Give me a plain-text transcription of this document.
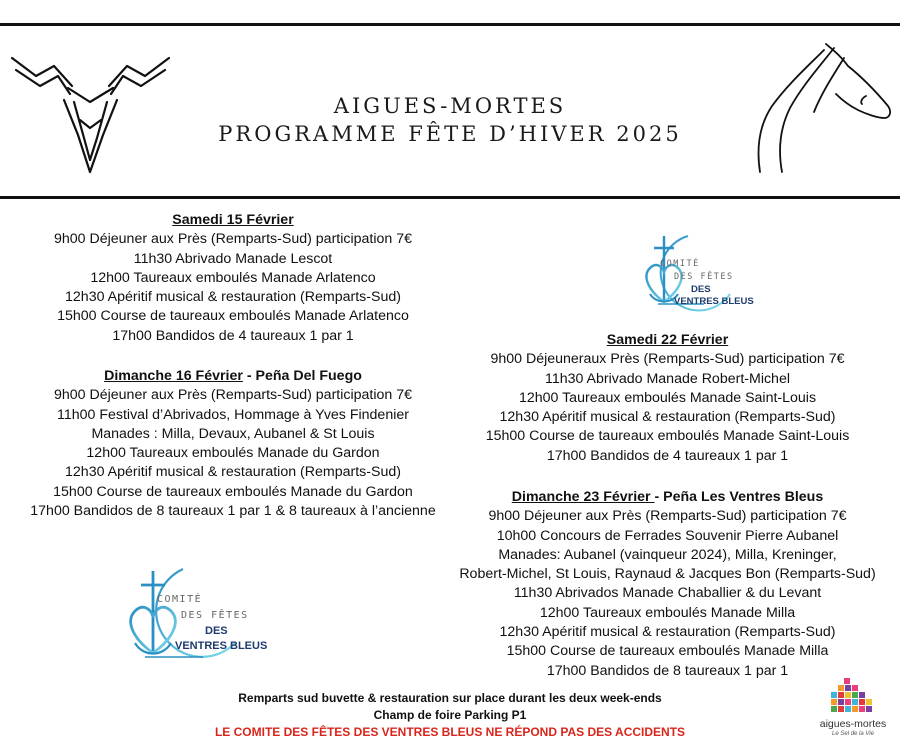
AIGUES-MORTES
PROGRAMME FÊTE D’HIVER 2025
Samedi 15 Février
9h00 Déjeuner aux Près (Remparts-Sud) participation 7€
11h30 Abrivado Manade Lescot
12h00 Taureaux emboulés Manade Arlatenco
12h30 Apéritif musical & restauration (Remparts-Sud)
15h00 Course de taureaux emboulés Manade Arlatenco
17h00 Bandidos de 4 taureaux 1 par 1
Dimanche 16 Février - Peña Del Fuego
9h00 Déjeuner aux Près (Remparts-Sud) participation 7€
11h00 Festival d’Abrivados, Hommage à Yves Findenier
Manades : Milla, Devaux, Aubanel & St Louis
12h00 Taureaux emboulés Manade du Gardon
12h30 Apéritif musical & restauration (Remparts-Sud)
15h00 Course de taureaux emboulés Manade du Gardon
17h00 Bandidos de 8 taureaux 1 par 1 & 8 taureaux à l’ancienne
Samedi 22 Février
9h00 Déjeuneraux Près (Remparts-Sud) participation 7€
11h30 Abrivado Manade Robert-Michel
12h00 Taureaux emboulés Manade Saint-Louis
12h30 Apéritif musical & restauration (Remparts-Sud)
15h00 Course de taureaux emboulés Manade Saint-Louis
17h00 Bandidos de 4 taureaux 1 par 1
Dimanche 23 Février - Peña Les Ventres Bleus
9h00 Déjeuner aux Près (Remparts-Sud) participation 7€
10h00 Concours de Ferrades Souvenir Pierre Aubanel
Manades: Aubanel (vainqueur 2024), Milla, Kreninger,
Robert-Michel, St Louis, Raynaud & Jacques Bon (Remparts-Sud)
11h30 Abrivados Manade Chaballier & du Levant
12h00 Taureaux emboulés Manade Milla
12h30 Apéritif musical & restauration (Remparts-Sud)
15h00 Course de taureaux emboulés Manade Milla
17h00 Bandidos de 8 taureaux 1 par 1
COMITÉ
DES FÊTES
DES
VENTRES BLEUS
COMITÉ
DES FÊTES
DES
VENTRES BLEUS
Remparts sud buvette & restauration sur place durant les deux week-ends
Champ de foire Parking P1
LE COMITE DES FÊTES DES VENTRES BLEUS NE RÉPOND PAS DES ACCIDENTS
aigues-mortes
Le Sel de la Vie
